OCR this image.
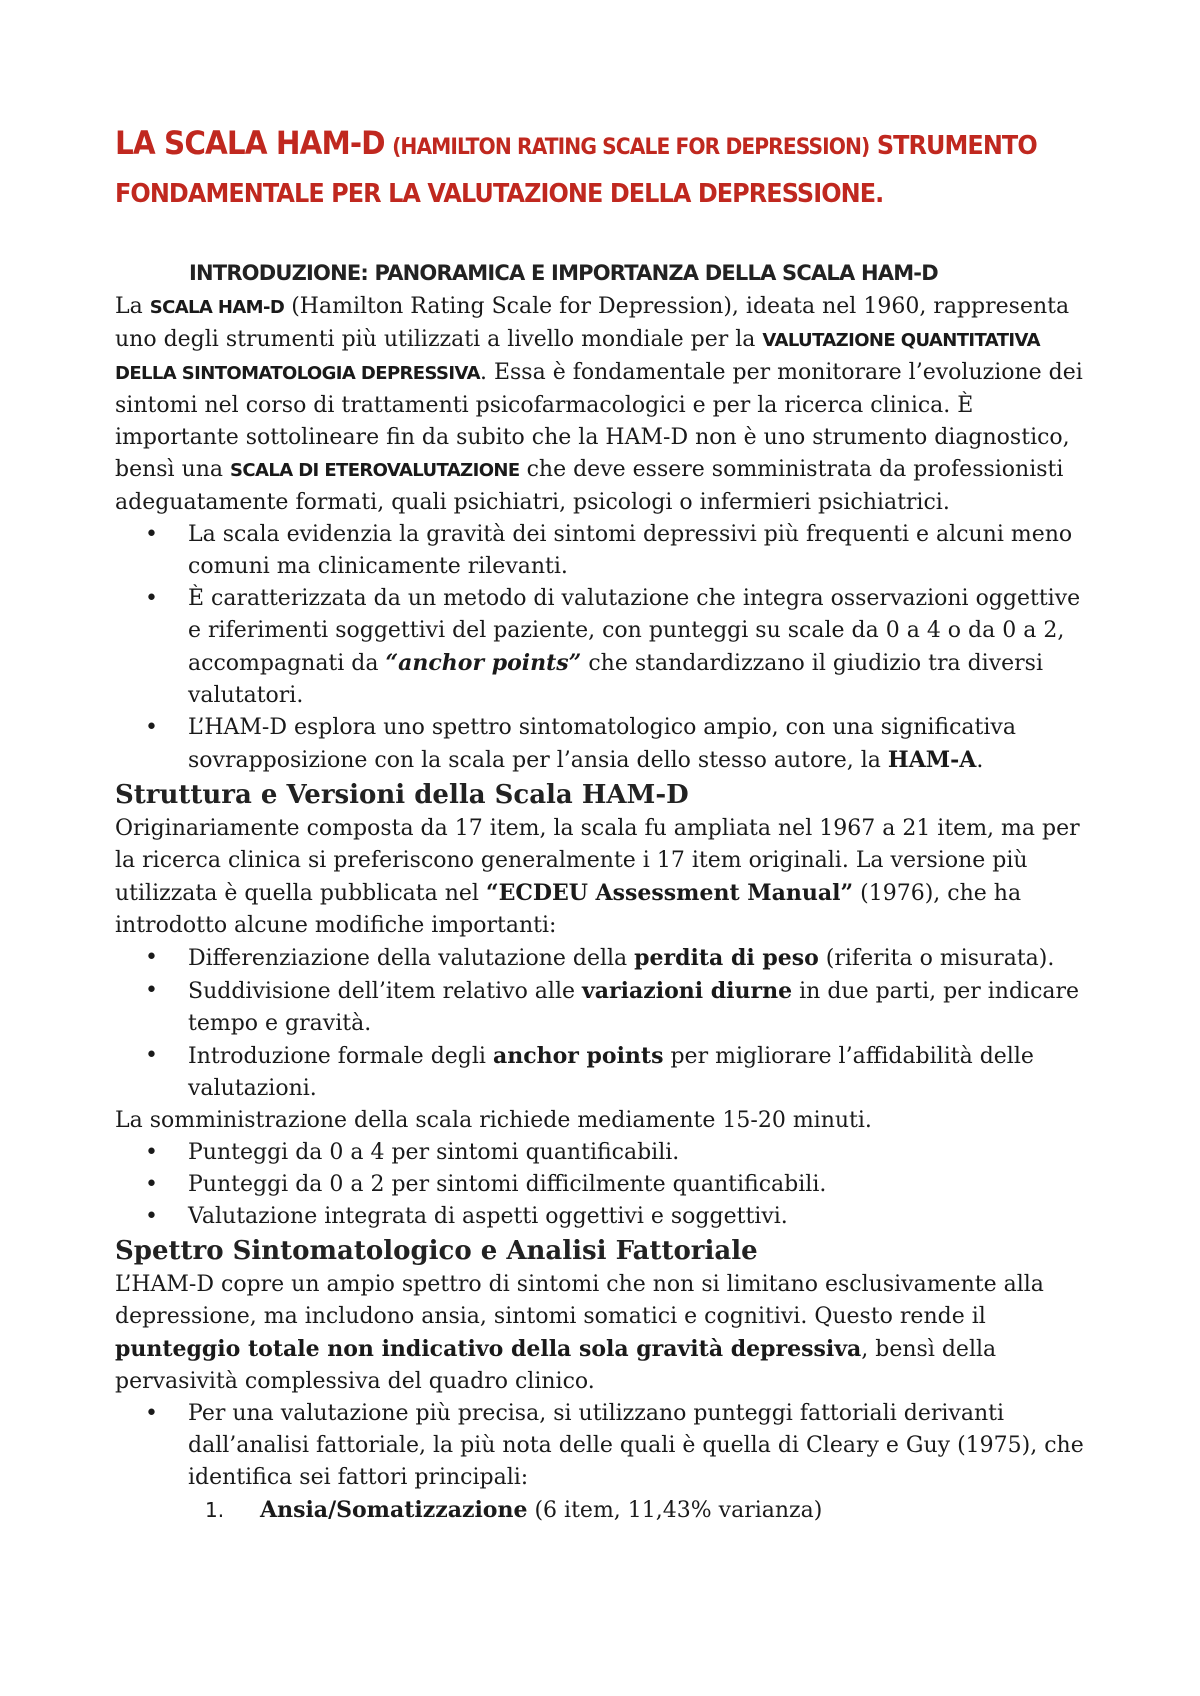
LA SCALA HAM-D (HAMILTON RATING SCALE FOR DEPRESSION) STRUMENTO FONDAMENTALE PER LA VALUTAZIONE DELLA DEPRESSIONE.
INTRODUZIONE: PANORAMICA E IMPORTANZA DELLA SCALA HAM-D

La SCALA HAM-D (Hamilton Rating Scale for Depression), ideata nel 1960, rappresenta uno degli strumenti più utilizzati a livello mondiale per la VALUTAZIONE QUANTITATIVA DELLA SINTOMATOLOGIA DEPRESSIVA. Essa è fondamentale per monitorare l’evoluzione dei sintomi nel corso di trattamenti psicofarmacologici e per la ricerca clinica. È importante sottolineare fin da subito che la HAM-D non è uno strumento diagnostico, bensì una SCALA DI ETEROVALUTAZIONE che deve essere somministrata da professionisti adeguatamente formati, quali psichiatri, psicologi o infermieri psichiatrici.

• La scala evidenzia la gravità dei sintomi depressivi più frequenti e alcuni meno comuni ma clinicamente rilevanti.
• È caratterizzata da un metodo di valutazione che integra osservazioni oggettive e riferimenti soggettivi del paziente, con punteggi su scale da 0 a 4 o da 0 a 2, accompagnati da “anchor points” che standardizzano il giudizio tra diversi valutatori.
• L’HAM-D esplora uno spettro sintomatologico ampio, con una significativa sovrapposizione con la scala per l’ansia dello stesso autore, la HAM-A.
Struttura e Versioni della Scala HAM-D

Originariamente composta da 17 item, la scala fu ampliata nel 1967 a 21 item, ma per la ricerca clinica si preferiscono generalmente i 17 item originali. La versione più utilizzata è quella pubblicata nel “ECDEU Assessment Manual” (1976), che ha introdotto alcune modifiche importanti:

• Differenziazione della valutazione della perdita di peso (riferita o misurata).
• Suddivisione dell’item relativo alle variazioni diurne in due parti, per indicare tempo e gravità.
• Introduzione formale degli anchor points per migliorare l’affidabilità delle valutazioni.

La somministrazione della scala richiede mediamente 15-20 minuti.

• Punteggi da 0 a 4 per sintomi quantificabili.
• Punteggi da 0 a 2 per sintomi difficilmente quantificabili.
• Valutazione integrata di aspetti oggettivi e soggettivi.
Spettro Sintomatologico e Analisi Fattoriale

L’HAM-D copre un ampio spettro di sintomi che non si limitano esclusivamente alla depressione, ma includono ansia, sintomi somatici e cognitivi. Questo rende il punteggio totale non indicativo della sola gravità depressiva, bensì della pervasività complessiva del quadro clinico.

• Per una valutazione più precisa, si utilizzano punteggi fattoriali derivanti dall’analisi fattoriale, la più nota delle quali è quella di Cleary e Guy (1975), che identifica sei fattori principali:
1. Ansia/Somatizzazione (6 item, 11,43% varianza)
